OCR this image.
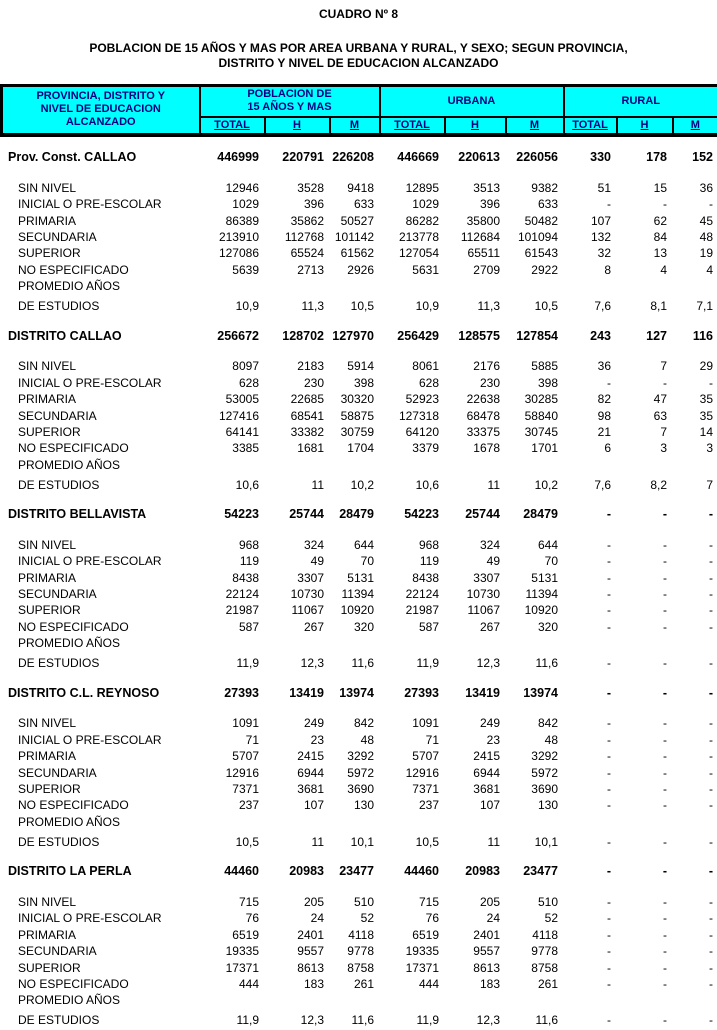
CUADRO Nº 8
POBLACION DE 15 AÑOS Y MAS POR AREA URBANA Y RURAL, Y SEXO; SEGUN PROVINCIA,
DISTRITO Y NIVEL DE EDUCACION ALCANZADO
PROVINCIA, DISTRITO Y
NIVEL DE EDUCACION
ALCANZADO

POBLACION DE
15 AÑOS Y MAS

URBANA	RURAL

	TOTAL	H	M	TOTAL	H	M	TOTAL	H	M

Prov. Const. CALLAO	446999	220791	226208	446669	220613	226056	330	178	152

SIN NIVEL	12946	3528	9418	12895	3513	9382	51	15	36
INICIAL O PRE-ESCOLAR	1029	396	633	1029	396	633	-	-	-
PRIMARIA	86389	35862	50527	86282	35800	50482	107	62	45
SECUNDARIA	213910	112768	101142	213778	112684	101094	132	84	48
SUPERIOR	127086	65524	61562	127054	65511	61543	32	13	19
NO ESPECIFICADO	5639	2713	2926	5631	2709	2922	8	4	4
PROMEDIO AÑOS									
DE ESTUDIOS	10,9	11,3	10,5	10,9	11,3	10,5	7,6	8,1	7,1

DISTRITO CALLAO	256672	128702	127970	256429	128575	127854	243	127	116

SIN NIVEL	8097	2183	5914	8061	2176	5885	36	7	29
INICIAL O PRE-ESCOLAR	628	230	398	628	230	398	-	-	-
PRIMARIA	53005	22685	30320	52923	22638	30285	82	47	35
SECUNDARIA	127416	68541	58875	127318	68478	58840	98	63	35
SUPERIOR	64141	33382	30759	64120	33375	30745	21	7	14
NO ESPECIFICADO	3385	1681	1704	3379	1678	1701	6	3	3
PROMEDIO AÑOS									
DE ESTUDIOS	10,6	11	10,2	10,6	11	10,2	7,6	8,2	7

DISTRITO BELLAVISTA	54223	25744	28479	54223	25744	28479	-	-	-

SIN NIVEL	968	324	644	968	324	644	-	-	-
INICIAL O PRE-ESCOLAR	119	49	70	119	49	70	-	-	-
PRIMARIA	8438	3307	5131	8438	3307	5131	-	-	-
SECUNDARIA	22124	10730	11394	22124	10730	11394	-	-	-
SUPERIOR	21987	11067	10920	21987	11067	10920	-	-	-
NO ESPECIFICADO	587	267	320	587	267	320	-	-	-
PROMEDIO AÑOS									
DE ESTUDIOS	11,9	12,3	11,6	11,9	12,3	11,6	-	-	-

DISTRITO C.L. REYNOSO	27393	13419	13974	27393	13419	13974	-	-	-

SIN NIVEL	1091	249	842	1091	249	842	-	-	-
INICIAL O PRE-ESCOLAR	71	23	48	71	23	48	-	-	-
PRIMARIA	5707	2415	3292	5707	2415	3292	-	-	-
SECUNDARIA	12916	6944	5972	12916	6944	5972	-	-	-
SUPERIOR	7371	3681	3690	7371	3681	3690	-	-	-
NO ESPECIFICADO	237	107	130	237	107	130	-	-	-
PROMEDIO AÑOS									
DE ESTUDIOS	10,5	11	10,1	10,5	11	10,1	-	-	-

DISTRITO LA PERLA	44460	20983	23477	44460	20983	23477	-	-	-

SIN NIVEL	715	205	510	715	205	510	-	-	-
INICIAL O PRE-ESCOLAR	76	24	52	76	24	52	-	-	-
PRIMARIA	6519	2401	4118	6519	2401	4118	-	-	-
SECUNDARIA	19335	9557	9778	19335	9557	9778	-	-	-
SUPERIOR	17371	8613	8758	17371	8613	8758	-	-	-
NO ESPECIFICADO	444	183	261	444	183	261	-	-	-
PROMEDIO AÑOS									
DE ESTUDIOS	11,9	12,3	11,6	11,9	12,3	11,6	-	-	-
